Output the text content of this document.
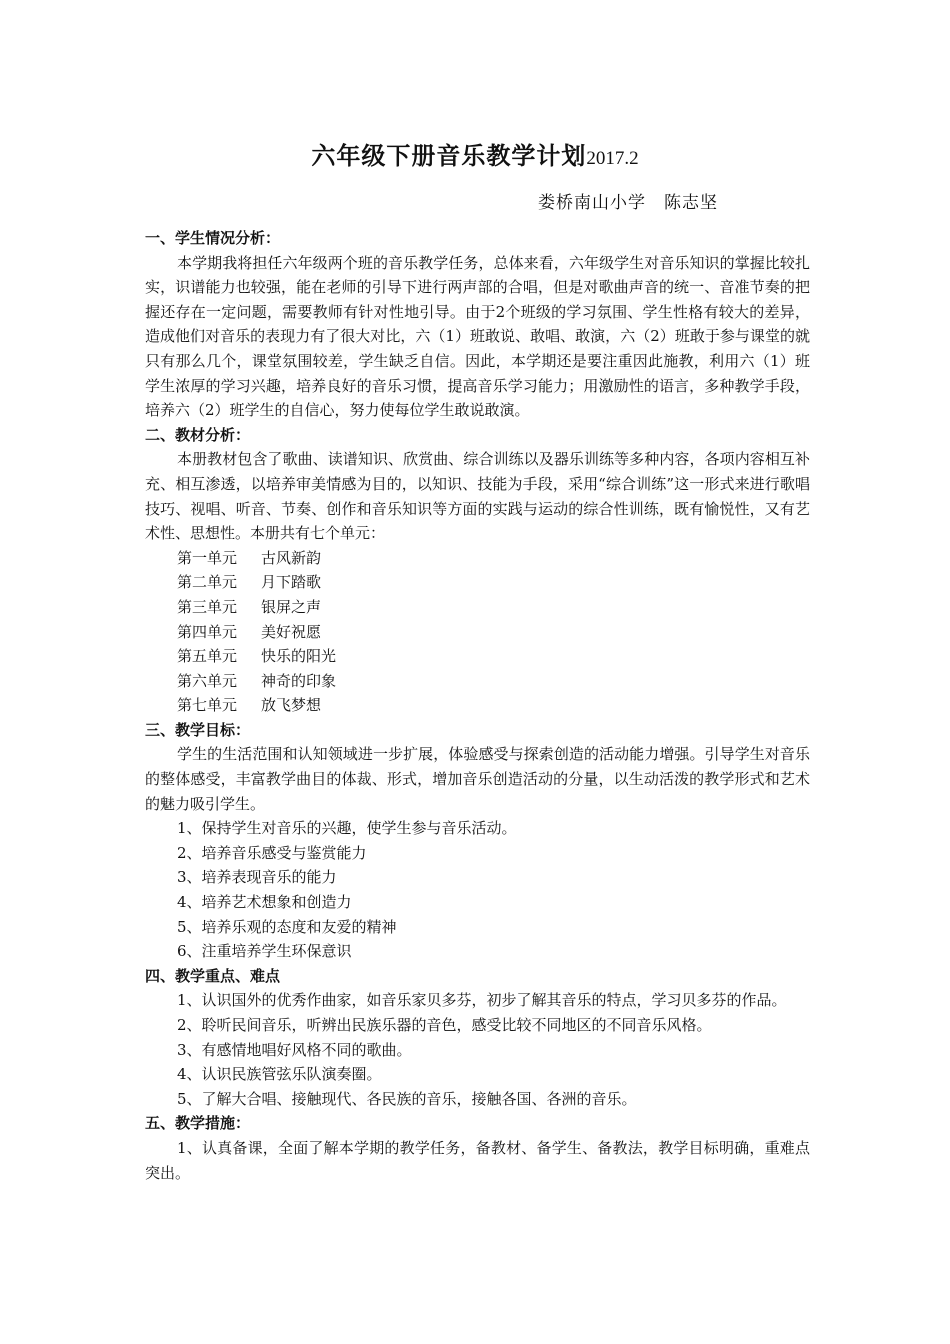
六年级下册音乐教学计划2017.2
娄桥南山小学 陈志坚
一、学生情况分析：

本学期我将担任六年级两个班的音乐教学任务，总体来看，六年级学生对音乐知识的掌握比较扎实，识谱能力也较强，能在老师的引导下进行两声部的合唱，但是对歌曲声音的统一、音准节奏的把握还存在一定问题，需要教师有针对性地引导。由于2个班级的学习氛围、学生性格有较大的差异，造成他们对音乐的表现力有了很大对比，六（1）班敢说、敢唱、敢演，六（2）班敢于参与课堂的就只有那么几个，课堂氛围较差，学生缺乏自信。因此，本学期还是要注重因此施教，利用六（1）班学生浓厚的学习兴趣，培养良好的音乐习惯，提高音乐学习能力；用激励性的语言，多种教学手段，培养六（2）班学生的自信心，努力使每位学生敢说敢演。

二、教材分析：

本册教材包含了歌曲、读谱知识、欣赏曲、综合训练以及器乐训练等多种内容，各项内容相互补充、相互渗透，以培养审美情感为目的，以知识、技能为手段，采用“综合训练”这一形式来进行歌唱技巧、视唱、听音、节奏、创作和音乐知识等方面的实践与运动的综合性训练，既有愉悦性，又有艺术性、思想性。本册共有七个单元：

第一单元 古风新韵
第二单元 月下踏歌
第三单元 银屏之声
第四单元 美好祝愿
第五单元 快乐的阳光
第六单元 神奇的印象
第七单元 放飞梦想
三、教学目标：

学生的生活范围和认知领域进一步扩展，体验感受与探索创造的活动能力增强。引导学生对音乐的整体感受，丰富教学曲目的体裁、形式，增加音乐创造活动的分量，以生动活泼的教学形式和艺术的魅力吸引学生。

1、保持学生对音乐的兴趣，使学生参与音乐活动。
2、培养音乐感受与鉴赏能力
3、培养表现音乐的能力
4、培养艺术想象和创造力
5、培养乐观的态度和友爱的精神
6、注重培养学生环保意识
四、教学重点、难点

1、认识国外的优秀作曲家，如音乐家贝多芬，初步了解其音乐的特点，学习贝多芬的作品。

2、聆听民间音乐，听辨出民族乐器的音色，感受比较不同地区的不同音乐风格。
3、有感情地唱好风格不同的歌曲。
4、认识民族管弦乐队演奏圈。
5、了解大合唱、接触现代、各民族的音乐，接触各国、各洲的音乐。
五、教学措施：

1、认真备课，全面了解本学期的教学任务，备教材、备学生、备教法，教学目标明确，重难点突出。
